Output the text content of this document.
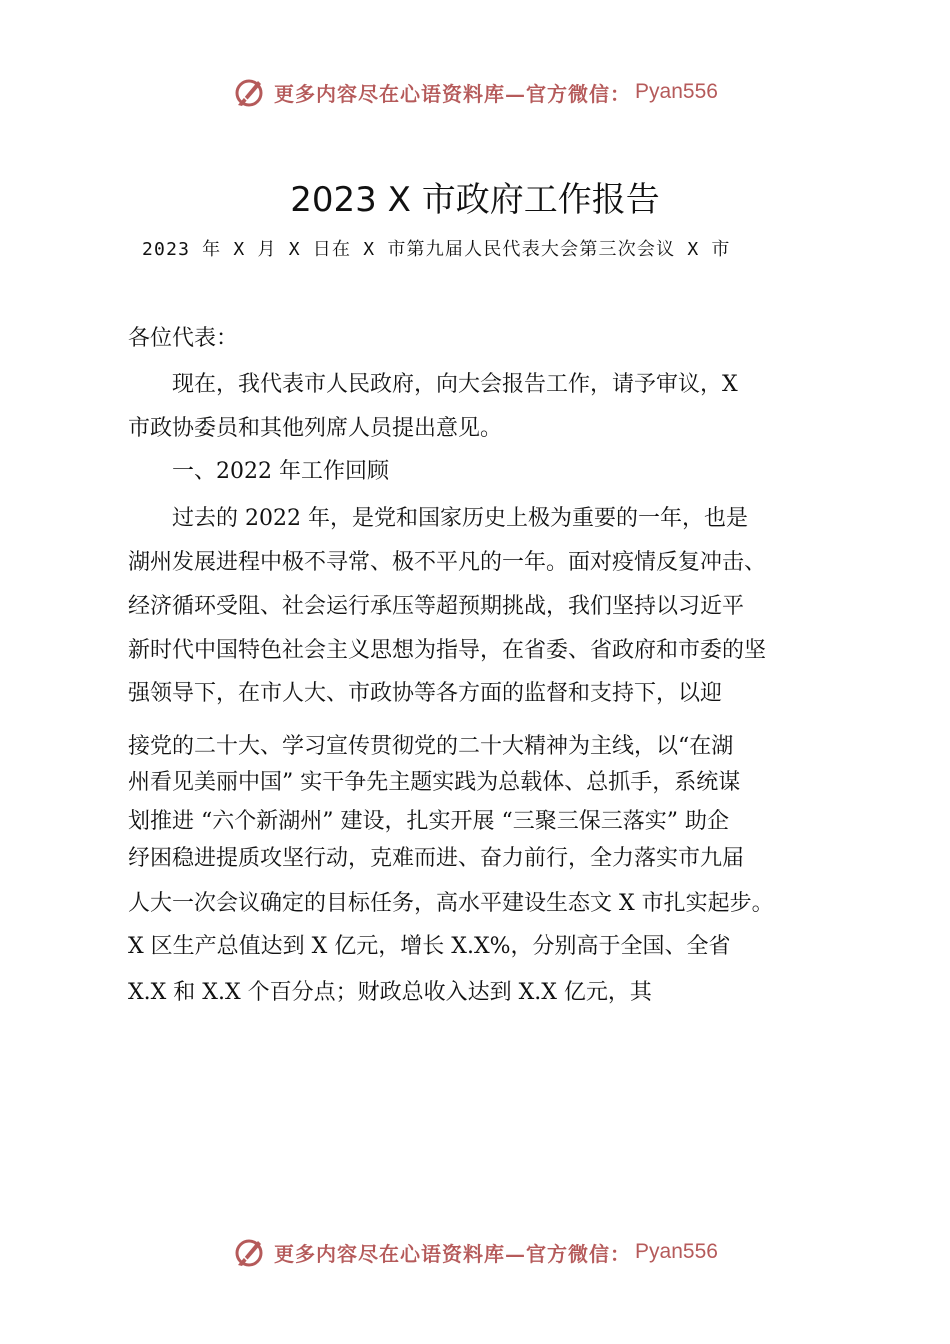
更多内容尽在心语资料库—官方微信： Pyan556
2023 X 市政府工作报告
2023 年 X 月 X 日在 X 市第九届人民代表大会第三次会议 X 市
各位代表：
　　现在，我代表市人民政府，向大会报告工作，请予审议，X
市政协委员和其他列席人员提出意见。
　　一、2022 年工作回顾
　　过去的 2022 年，是党和国家历史上极为重要的一年，也是
湖州发展进程中极不寻常、极不平凡的一年。面对疫情反复冲击、
经济循环受阻、社会运行承压等超预期挑战，我们坚持以习近平
新时代中国特色社会主义思想为指导，在省委、省政府和市委的坚
强领导下，在市人大、市政协等各方面的监督和支持下，以迎
接党的二十大、学习宣传贯彻党的二十大精神为主线，以“在湖
州看见美丽中国” 实干争先主题实践为总载体、总抓手，系统谋
划推进 “六个新湖州” 建设，扎实开展 “三聚三保三落实” 助企
纾困稳进提质攻坚行动，克难而进、奋力前行，全力落实市九届
人大一次会议确定的目标任务，高水平建设生态文 X 市扎实起步。
X 区生产总值达到 X 亿元，增长 X.X%，分别高于全国、全省
X.X 和 X.X 个百分点；财政总收入达到 X.X 亿元，其
更多内容尽在心语资料库—官方微信： Pyan556
